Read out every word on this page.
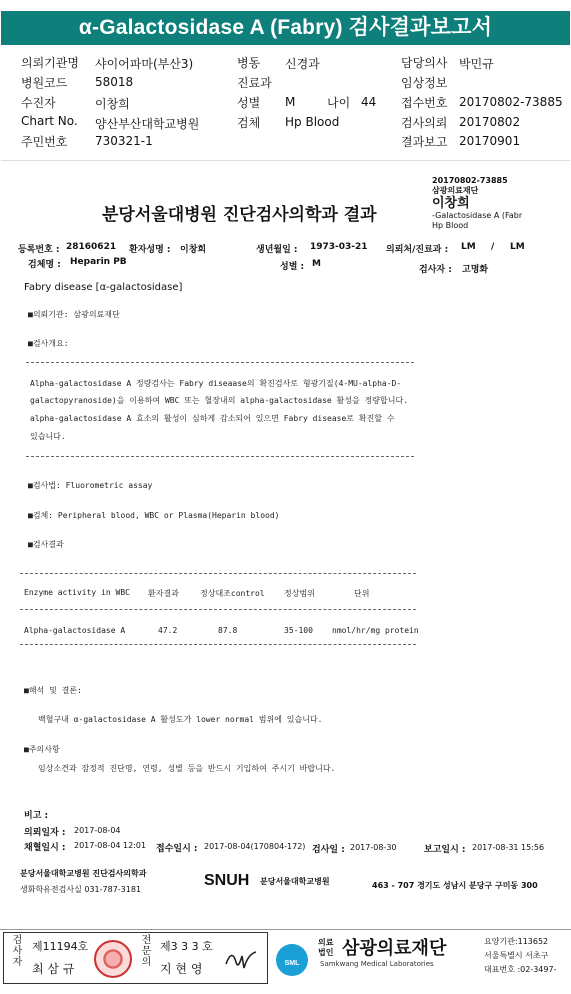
α-Galactosidase A (Fabry) 검사결과보고서
의뢰기관명 샤이어파마(부산3)	병동 신경과	담당의사 박민규
병원코드 58018	진료과	임상정보
수진자	이창희	성별 M	나이 44 접수번호 20170802-73885
Chart No. 양산부산대학교병원	검체 Hp Blood	검사의뢰 20170802
주민번호 730321-1	결과보고 20170901
분당서울대병원 진단검사의학과 결과
20170802-73885
삼광의료재단
이창희
-Galactosidase A (Fabr
Hp Blood
등록번호 : 28160621 환자성명 : 이창희	생년월일 : 1973-03-21 의뢰처/진료과 : LM / LM
검체명 : Heparin PB	성별 : M
검사자 : 고명화
Fabry disease [α-galactosidase]
■의뢰기관: 삼광의료재단
■검사개요:
Alpha-galactosidase A 정량검사는 Fabry diseaase의 확진검사로 형광기질(4-MU-alpha-D-
galactopyranoside)을 이용하여 WBC 또는 혈장내의 alpha-galactosidase 활성을 정량합니다.
alpha-galactosidase A 효소의 활성이 심하게 감소되어 있으면 Fabry disease로 확진할 수
있습니다.
■검사법: Fluorometric assay
■검체: Peripheral blood, WBC or Plasma(Heparin blood)
■검사결과
Enzyme activity in WBC 환자결과	정상대조control 정상범위	단위
Alpha-galactosidase A	47.2	87.8	35-100 nmol/hr/mg protein
■해석 및 결론:
백혈구내 α-galactosidase A 활성도가 lower normal 범위에 있습니다.
■주의사항
임상소견과 잠정적 진단명, 연령, 성별 등을 반드시 기입하여 주시기 바랍니다.
비고 :
의뢰일자 : 2017-08-04
채혈일시 : 2017-08-04 12:01 접수일시 : 2017-08-04(170804-172) 검사일 : 2017-08-30	보고일시 : 2017-08-31 15:56
분당서울대학교병원 진단검사의학과
생화학유전검사실 031-787-3181
SNUH 분당서울대학교병원	463 - 707 경기도 성남시 분당구 구미동 300
검사자 제11194호
최 삼 규
전문의 제3 3 3 호
지 현 영	SML
의료법인 삼광의료재단
Samkwang Medical Laboratories
요양기관:113652
서울특별시 서초구
대표번호 :02-3497-
